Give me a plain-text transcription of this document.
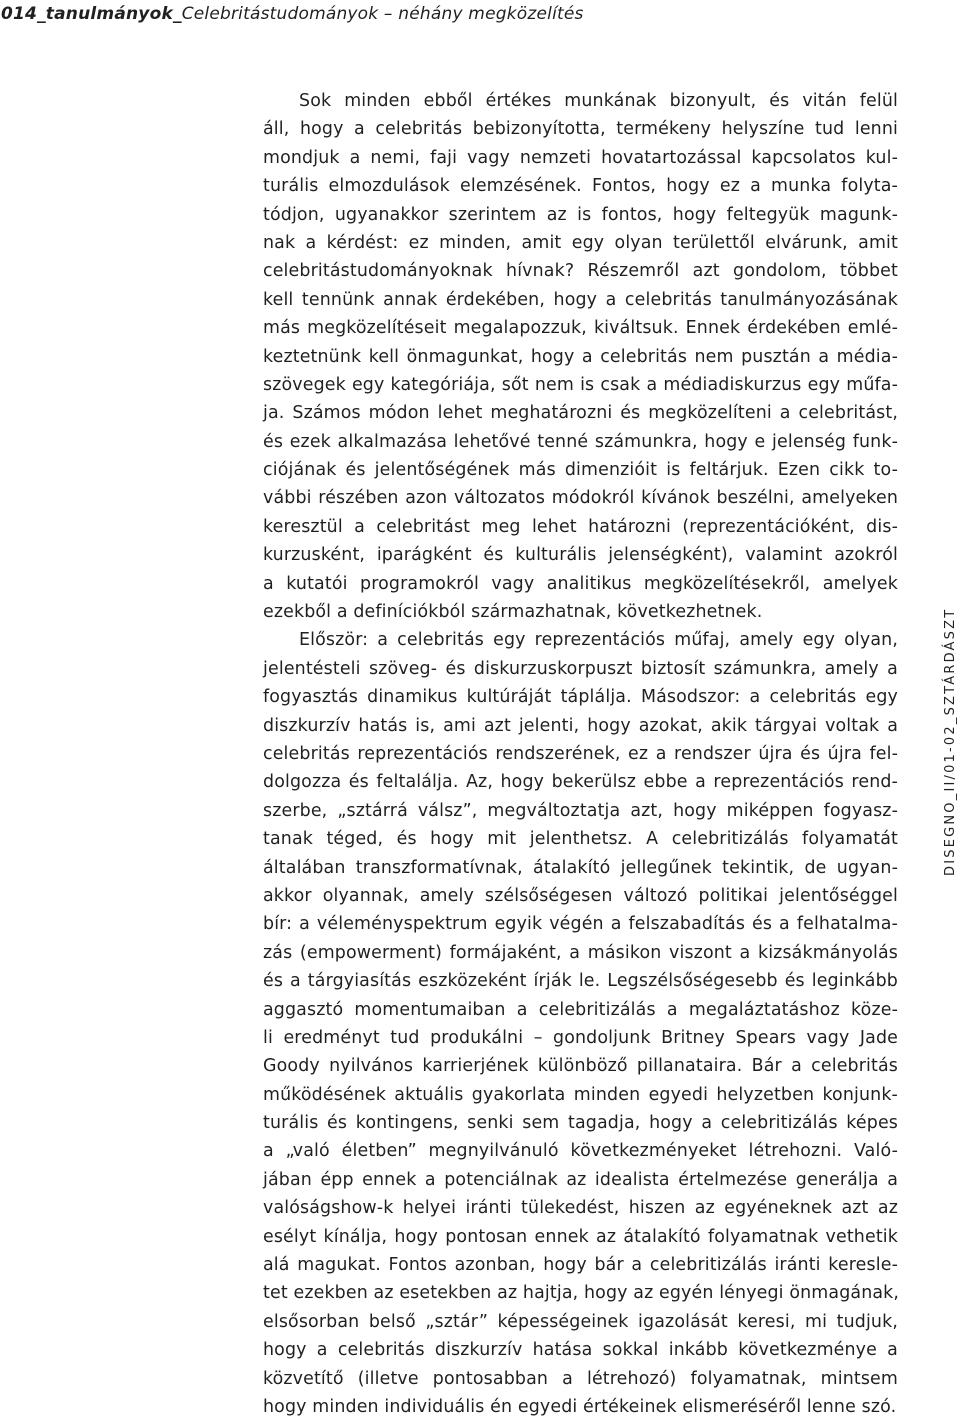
014_tanulmányok_Celebritástudományok – néhány megközelítés
Sok minden ebből értékes munkának bizonyult, és vitán felül
áll, hogy a celebritás bebizonyította, termékeny helyszíne tud lenni
mondjuk a nemi, faji vagy nemzeti hovatartozással kapcsolatos kul-
turális elmozdulások elemzésének. Fontos, hogy ez a munka folyta-
tódjon, ugyanakkor szerintem az is fontos, hogy feltegyük magunk-
nak a kérdést: ez minden, amit egy olyan területtől elvárunk, amit
celebritástudományoknak hívnak? Részemről azt gondolom, többet
kell tennünk annak érdekében, hogy a celebritás tanulmányozásának
más megközelítéseit megalapozzuk, kiváltsuk. Ennek érdekében emlé-
keztetnünk kell önmagunkat, hogy a celebritás nem pusztán a média-
szövegek egy kategóriája, sőt nem is csak a médiadiskurzus egy műfa-
ja. Számos módon lehet meghatározni és megközelíteni a celebritást,
és ezek alkalmazása lehetővé tenné számunkra, hogy e jelenség funk-
ciójának és jelentőségének más dimenzióit is feltárjuk. Ezen cikk to-
vábbi részében azon változatos módokról kívánok beszélni, amelyeken
keresztül a celebritást meg lehet határozni (reprezentációként, dis-
kurzusként, iparágként és kulturális jelenségként), valamint azokról
a kutatói programokról vagy analitikus megközelítésekről, amelyek
ezekből a definíciókból származhatnak, következhetnek.
Először: a celebritás egy reprezentációs műfaj, amely egy olyan,
jelentésteli szöveg- és diskurzuskorpuszt biztosít számunkra, amely a
fogyasztás dinamikus kultúráját táplálja. Másodszor: a celebritás egy
diszkurzív hatás is, ami azt jelenti, hogy azokat, akik tárgyai voltak a
celebritás reprezentációs rendszerének, ez a rendszer újra és újra fel-
dolgozza és feltalálja. Az, hogy bekerülsz ebbe a reprezentációs rend-
szerbe, „sztárrá válsz”, megváltoztatja azt, hogy miképpen fogyasz-
tanak téged, és hogy mit jelenthetsz. A celebritizálás folyamatát
általában transzformatívnak, átalakító jellegűnek tekintik, de ugyan-
akkor olyannak, amely szélsőségesen változó politikai jelentőséggel
bír: a véleményspektrum egyik végén a felszabadítás és a felhatalma-
zás (empowerment) formájaként, a másikon viszont a kizsákmányolás
és a tárgyiasítás eszközeként írják le. Legszélsőségesebb és leginkább
aggasztó momentumaiban a celebritizálás a megaláztatáshoz köze-
li eredményt tud produkálni – gondoljunk Britney Spears vagy Jade
Goody nyilvános karrierjének különböző pillanataira. Bár a celebritás
működésének aktuális gyakorlata minden egyedi helyzetben konjunk-
turális és kontingens, senki sem tagadja, hogy a celebritizálás képes
a „való életben” megnyilvánuló következményeket létrehozni. Való-
jában épp ennek a potenciálnak az idealista értelmezése generálja a
valóságshow-k helyei iránti tülekedést, hiszen az egyéneknek azt az
esélyt kínálja, hogy pontosan ennek az átalakító folyamatnak vethetik
alá magukat. Fontos azonban, hogy bár a celebritizálás iránti keresle-
tet ezekben az esetekben az hajtja, hogy az egyén lényegi önmagának,
elsősorban belső „sztár” képességeinek igazolását keresi, mi tudjuk,
hogy a celebritás diszkurzív hatása sokkal inkább következménye a
közvetítő (illetve pontosabban a létrehozó) folyamatnak, mintsem
hogy minden individuális én egyedi értékeinek elismeréséről lenne szó.
DISEGNO_II/01-02_SZTÁRDÁSZT
